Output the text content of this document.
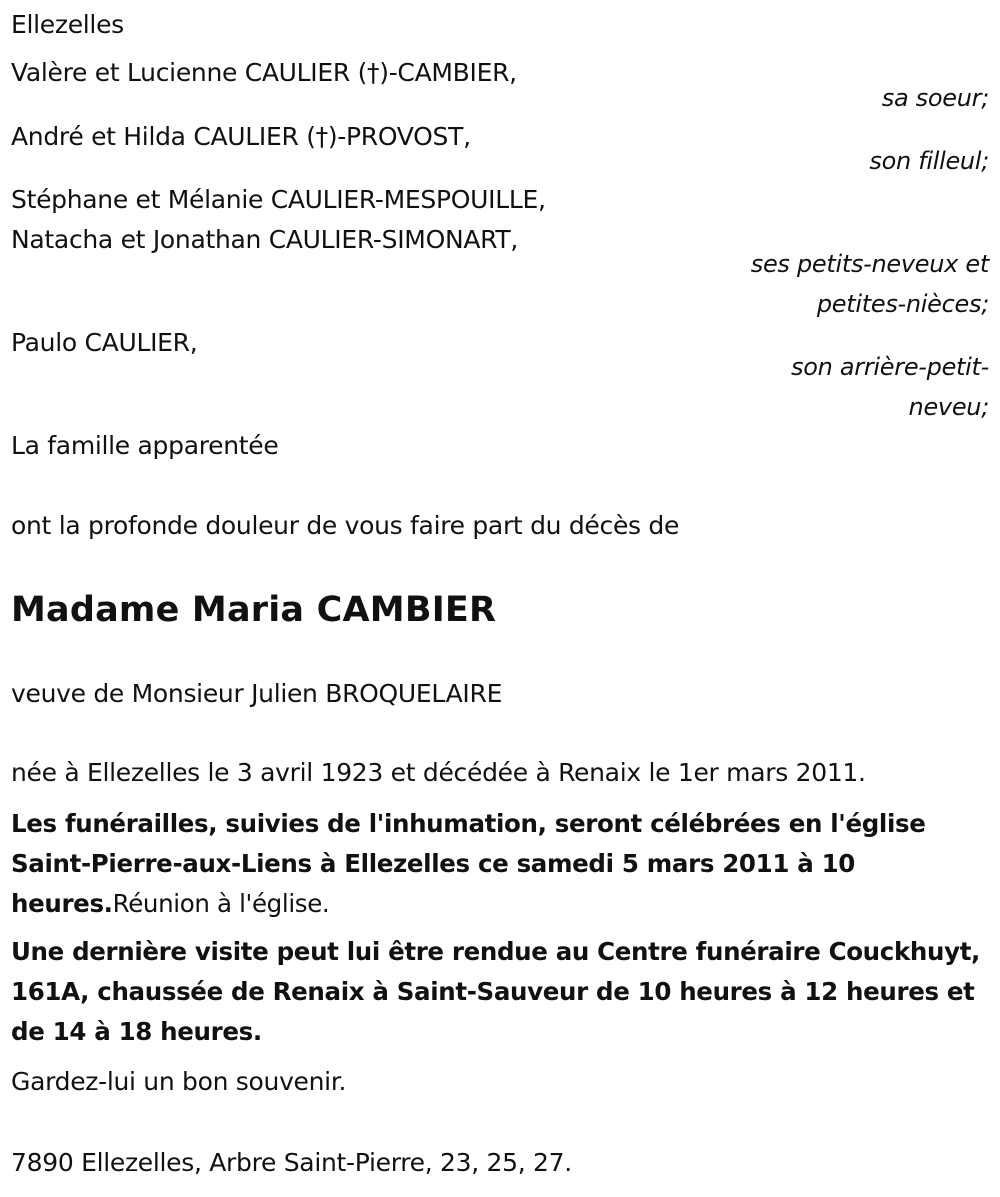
Ellezelles
Valère et Lucienne CAULIER (†)-CAMBIER,
sa soeur;
André et Hilda CAULIER (†)-PROVOST,
son filleul;
Stéphane et Mélanie CAULIER-MESPOUILLE,
Natacha et Jonathan CAULIER-SIMONART,
ses petits-neveux et
petites-nièces;
Paulo CAULIER,
son arrière-petit-
neveu;
La famille apparentée
ont la profonde douleur de vous faire part du décès de
Madame Maria CAMBIER
veuve de Monsieur Julien BROQUELAIRE
née à Ellezelles le 3 avril 1923 et décédée à Renaix le 1er mars 2011.
Les funérailles, suivies de l'inhumation, seront célébrées en l'église Saint-Pierre-aux-Liens à Ellezelles ce samedi 5 mars 2011 à 10 heures.Réunion à l'église.
Une dernière visite peut lui être rendue au Centre funéraire Couckhuyt, 161A, chaussée de Renaix à Saint-Sauveur de 10 heures à 12 heures et de 14 à 18 heures.
Gardez-lui un bon souvenir.
7890 Ellezelles, Arbre Saint-Pierre, 23, 25, 27.
